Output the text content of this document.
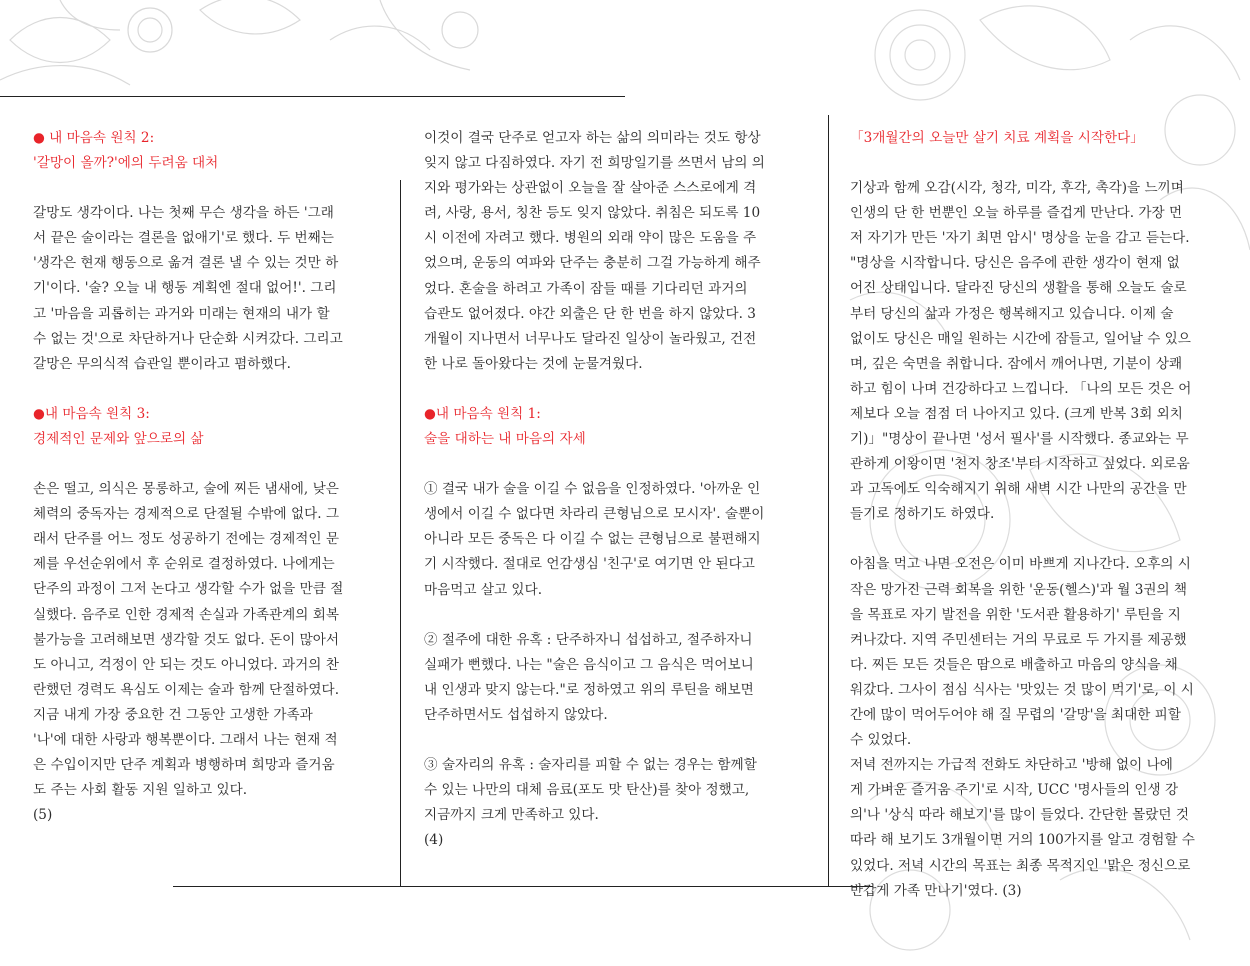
● 내 마음속 원칙 2:
'갈망이 올까?'에의 두려움 대처

갈망도 생각이다. 나는 첫째 무슨 생각을 하든 '그래
서 끝은 술이라는 결론을 없애기'로 했다. 두 번째는
'생각은 현재 행동으로 옮겨 결론 낼 수 있는 것만 하
기'이다. '술? 오늘 내 행동 계획엔 절대 없어!'. 그리
고 '마음을 괴롭히는 과거와 미래는 현재의 내가 할
수 없는 것'으로 차단하거나 단순화 시켜갔다. 그리고
갈망은 무의식적 습관일 뿐이라고 폄하했다.

●내 마음속 원칙 3:
경제적인 문제와 앞으로의 삶

손은 떨고, 의식은 몽롱하고, 술에 찌든 냄새에, 낮은
체력의 중독자는 경제적으로 단절될 수밖에 없다. 그
래서 단주를 어느 정도 성공하기 전에는 경제적인 문
제를 우선순위에서 후 순위로 결정하였다. 나에게는
단주의 과정이 그저 논다고 생각할 수가 없을 만큼 절
실했다. 음주로 인한 경제적 손실과 가족관계의 회복
불가능을 고려해보면 생각할 것도 없다. 돈이 많아서
도 아니고, 걱정이 안 되는 것도 아니었다. 과거의 찬
란했던 경력도 욕심도 이제는 술과 함께 단절하였다.
지금 내게 가장 중요한 건 그동안 고생한 가족과
'나'에 대한 사랑과 행복뿐이다. 그래서 나는 현재 적
은 수입이지만 단주 계획과 병행하며 희망과 즐거움
도 주는 사회 활동 지원 일하고 있다.
(5)

이것이 결국 단주로 얻고자 하는 삶의 의미라는 것도 항상
잊지 않고 다짐하였다. 자기 전 희망일기를 쓰면서 남의 의
지와 평가와는 상관없이 오늘을 잘 살아준 스스로에게 격
려, 사랑, 용서, 칭찬 등도 잊지 않았다. 취침은 되도록 10
시 이전에 자려고 했다. 병원의 외래 약이 많은 도움을 주
었으며, 운동의 여파와 단주는 충분히 그걸 가능하게 해주
었다. 혼술을 하려고 가족이 잠들 때를 기다리던 과거의
습관도 없어졌다. 야간 외출은 단 한 번을 하지 않았다. 3
개월이 지나면서 너무나도 달라진 일상이 놀라웠고, 건전
한 나로 돌아왔다는 것에 눈물겨웠다.

●내 마음속 원칙 1:
술을 대하는 내 마음의 자세

① 결국 내가 술을 이길 수 없음을 인정하였다. '아까운 인
생에서 이길 수 없다면 차라리 큰형님으로 모시자'. 술뿐이
아니라 모든 중독은 다 이길 수 없는 큰형님으로 불편해지
기 시작했다. 절대로 언감생심 '친구'로 여기면 안 된다고
마음먹고 살고 있다.

② 절주에 대한 유혹 : 단주하자니 섭섭하고, 절주하자니
실패가 뻔했다. 나는 "술은 음식이고 그 음식은 먹어보니
내 인생과 맞지 않는다."로 정하였고 위의 루틴을 해보면
단주하면서도 섭섭하지 않았다.

③ 술자리의 유혹 : 술자리를 피할 수 없는 경우는 함께할
수 있는 나만의 대체 음료(포도 맛 탄산)를 찾아 정했고,
지금까지 크게 만족하고 있다.
(4)

「3개월간의 오늘만 살기 치료 계획을 시작한다」

기상과 함께 오감(시각, 청각, 미각, 후각, 촉각)을 느끼며
인생의 단 한 번뿐인 오늘 하루를 즐겁게 만난다. 가장 먼
저 자기가 만든 '자기 최면 암시' 명상을 눈을 감고 듣는다.
"명상을 시작합니다. 당신은 음주에 관한 생각이 현재 없
어진 상태입니다. 달라진 당신의 생활을 통해 오늘도 술로
부터 당신의 삶과 가정은 행복해지고 있습니다. 이제 술
없이도 당신은 매일 원하는 시간에 잠들고, 일어날 수 있으
며, 깊은 숙면을 취합니다. 잠에서 깨어나면, 기분이 상쾌
하고 힘이 나며 건강하다고 느낍니다. 「나의 모든 것은 어
제보다 오늘 점점 더 나아지고 있다. (크게 반복 3회 외치
기)」"명상이 끝나면 '성서 필사'를 시작했다. 종교와는 무
관하게 이왕이면 '천지 창조'부터 시작하고 싶었다. 외로움
과 고독에도 익숙해지기 위해 새벽 시간 나만의 공간을 만
들기로 정하기도 하였다.

아침을 먹고 나면 오전은 이미 바쁘게 지나간다. 오후의 시
작은 망가진 근력 회복을 위한 '운동(헬스)'과 월 3권의 책
을 목표로 자기 발전을 위한 '도서관 활용하기' 루틴을 지
켜나갔다. 지역 주민센터는 거의 무료로 두 가지를 제공했
다. 찌든 모든 것들은 땀으로 배출하고 마음의 양식을 채
워갔다. 그사이 점심 식사는 '맛있는 것 많이 먹기'로, 이 시
간에 많이 먹어두어야 해 질 무렵의 '갈망'을 최대한 피할
수 있었다.
저녁 전까지는 가급적 전화도 차단하고 '방해 없이 나에
게 가벼운 즐거움 주기'로 시작, UCC '명사들의 인생 강
의'나 '상식 따라 해보기'를 많이 들었다. 간단한 몰랐던 것
따라 해 보기도 3개월이면 거의 100가지를 알고 경험할 수
있었다. 저녁 시간의 목표는 최종 목적지인 '맑은 정신으로
반갑게 가족 만나기'였다. (3)
